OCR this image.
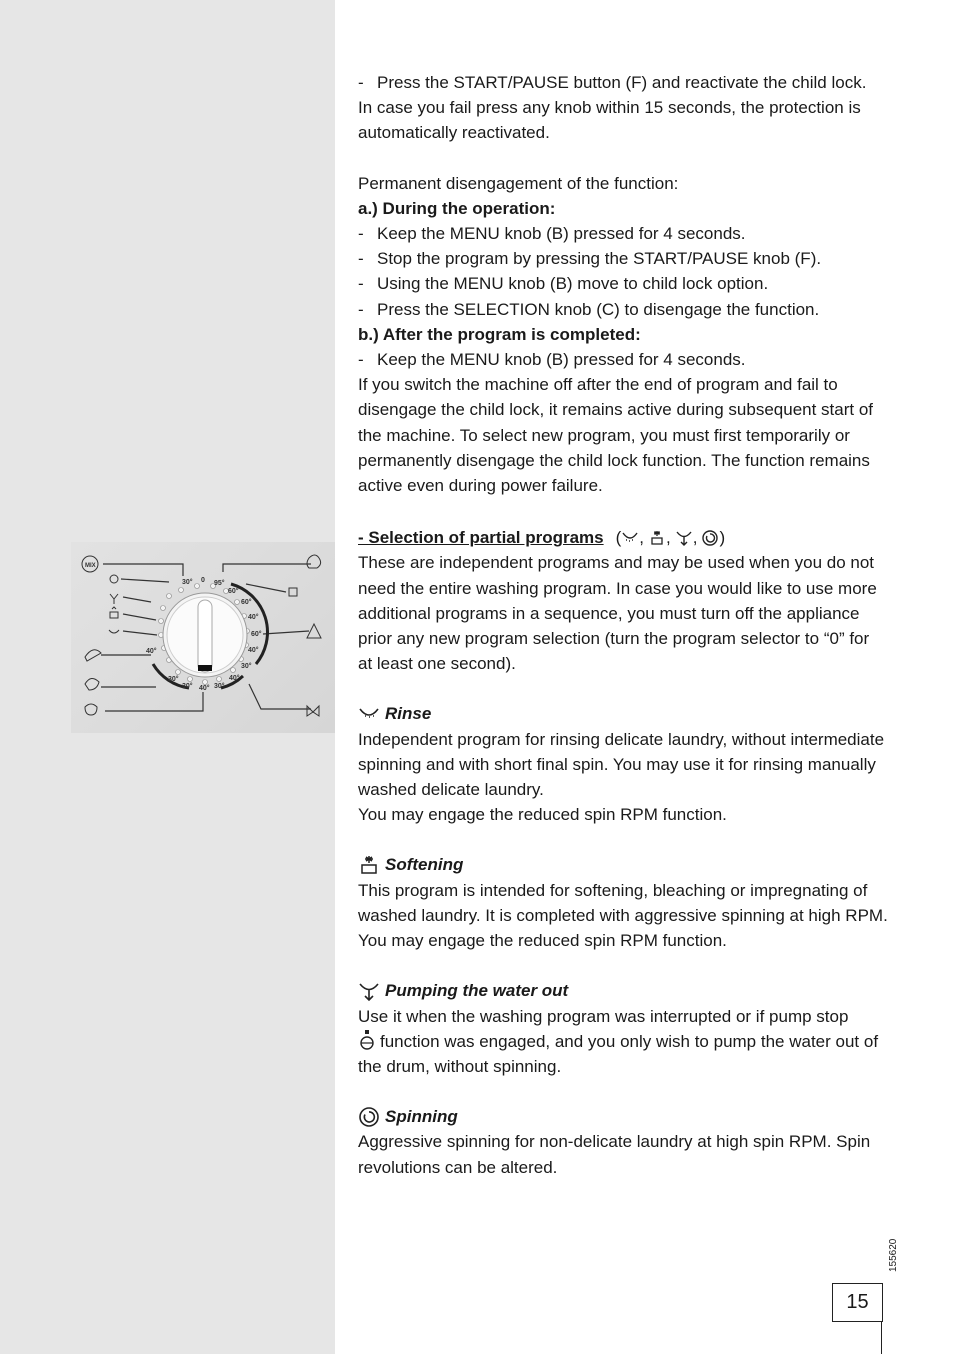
30° 0 95°
60°
60°
40°
60°
40°
30°
40°
30°
40°
30°
30°
40°
MIX
- Press the START/PAUSE button (F) and reactivate the child lock.

In case you fail press any knob within 15 seconds, the protection is automatically reactivated.

Permanent disengagement of the function:

a.) During the operation:

- Keep the MENU knob (B) pressed for 4 seconds.
- Stop the program by pressing the START/PAUSE knob (F).
- Using the MENU knob (B) move to child lock option.
- Press the SELECTION knob (C) to disengage the function.

b.) After the program is completed:

- Keep the MENU knob (B) pressed for 4 seconds.

If you switch the machine off after the end of program and fail to disengage the child lock, it remains active during subsequent start of the machine. To select new program, you must first temporarily or permanently disengage the child lock function. The function remains active even during power failure.

- Selection of partial programs ( , , , )

These are independent programs and may be used when you do not need the entire washing program. In case you would like to use more additional programs in a sequence, you must turn off the appliance prior any new program selection (turn the program selector to “0” for at least one second).

Rinse

Independent program for rinsing delicate laundry, without intermediate spinning and with short final spin. You may use it for rinsing manually washed delicate laundry.

You may engage the reduced spin RPM function.

Softening

This program is intended for softening, bleaching or impregnating of washed laundry. It is completed with aggressive spinning at high RPM.

You may engage the reduced spin RPM function.

Pumping the water out

Use it when the washing program was interrupted or if pump stop

function was engaged, and you only wish to pump the water out of the drum, without spinning.

Spinning

Aggressive spinning for non-delicate laundry at high spin RPM. Spin revolutions can be altered.

155620
15
